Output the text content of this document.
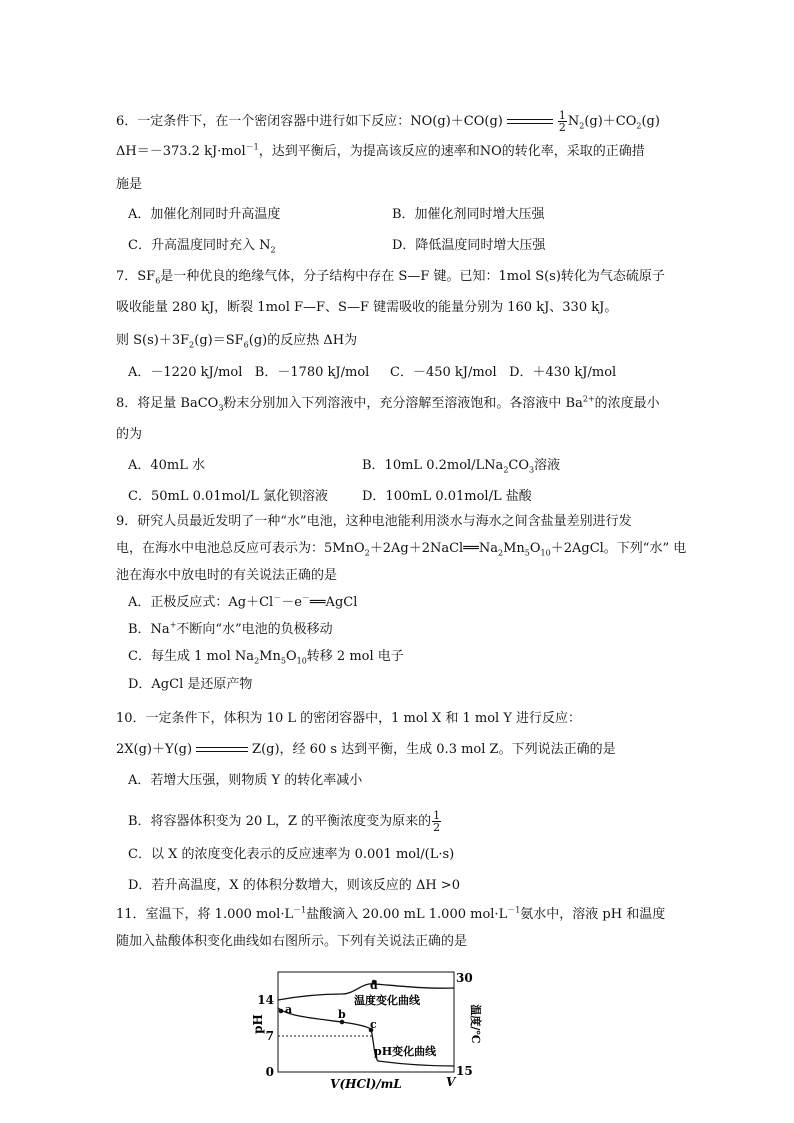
6．一定条件下，在一个密闭容器中进行如下反应：NO(g)＋CO(g)	$\frac{1}{2} N_2(g)+CO_2(g)$
ΔH＝－373.2 kJ·mol$^{-1}$，达到平衡后，为提高该反应的速率和NO的转化率，采取的正确措
施是
A．加催化剂同时升高温度	B．加催化剂同时增大压强
C．升高温度同时充入 $N_2$	D．降低温度同时增大压强
7．$SF_6$是一种优良的绝缘气体，分子结构中存在 S—F 键。已知：1mol S(s)转化为气态硫原子
吸收能量 280 kJ，断裂 1mol F—F、S—F 键需吸收的能量分别为 160 kJ、330 kJ。
则 $S(s)+3F_2(g)=SF_6(g)$的反应热 ΔH为
A．－1220 kJ/mol   B．－1780 kJ/mol     C．－450 kJ/mol   D．＋430 kJ/mol
8．将足量 BaCO$_3$粉末分别加入下列溶液中，充分溶解至溶液饱和。各溶液中 $Ba^{2+}$的浓度最小
的为
A．40mL 水	B．10mL $0.2mol/LNa_2CO_3$溶液
C．50mL 0.01mol/L 氯化钡溶液	D．100mL 0.01mol/L 盐酸
9．研究人员最近发明了一种“水”电池，这种电池能利用淡水与海水之间含盐量差别进行发
电，在海水中电池总反应可表示为：$5MnO_2+2Ag+2NaCl══Na_2Mn_5O_{10}+2AgCl$。下列“水” 电
池在海水中放电时的有关说法正确的是
A．正极反应式：Ag＋Cl－－e－══AgCl
B．Na+不断向“水”电池的负极移动
C．每生成 1 mol $Na_2Mn_5O_{10}$转移 2 mol 电子
D．AgCl 是还原产物
10．一定条件下，体积为 10 L 的密闭容器中，1 mol X 和 1 mol Y 进行反应：
2X(g)＋Y(g)	Z(g)，经 60 s 达到平衡，生成 0.3 mol Z。下列说法正确的是
A．若增大压强，则物质 Y 的转化率减小
B．将容器体积变为 20 L，Z 的平衡浓度变为原来的 $\frac{1}{2}$
C．以 X 的浓度变化表示的反应速率为 0.001 mol/(L·s)
D．若升高温度，X 的体积分数增大，则该反应的 ΔH >0
11．室温下，将 1.000 $mol\cdot L^{-1}$盐酸滴入 20.00 mL 1.000 $mol\cdot L^{-1}$氨水中，溶液 pH 和温度
随加入盐酸体积变化曲线如右图所示。下列有关说法正确的是
pH
14
7
0
30
15
温度/℃
a	b
c
d
温度变化曲线
pH变化曲线
V(HCl)/mL	V
